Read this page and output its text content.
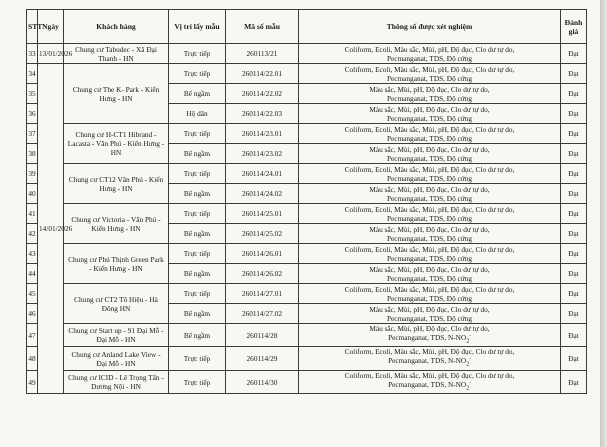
STT	Ngày	Khách hàng	Vị trí lấy mẫu	Mã số mẫu	Thông số được xét nghiệm	Đánh giá
33	13/01/2026	Chung cư Tabudec - Xã Đại Thanh - HN	Trực tiếp	260113/21	Coliform, Ecoli, Màu sắc, Mùi, pH, Độ đục, Clo dư tự do,
Pecmanganat, TDS, Độ cứng	Đạt
34	14/01/2026	Chung cư The K- Park - Kiến Hưng - HN	Trực tiếp	260114/22.01	Coliform, Ecoli, Màu sắc, Mùi, pH, Độ đục, Clo dư tự do,
Pecmanganat, TDS, Độ cứng	Đạt
35			Bể ngầm	260114/22.02	Màu sắc, Mùi, pH, Độ đục, Clo dư tự do,
Pecmanganat, TDS, Độ cứng	Đạt
36			Hộ dân	260114/22.03	Màu sắc, Mùi, pH, Độ đục, Clo dư tự do,
Pecmanganat, TDS, Độ cứng	Đạt
37		Chung cư H-CT1 Hibrand -Lacasta - Văn Phú - Kiến Hưng - HN	Trực tiếp	260114/23.01	Coliform, Ecoli, Màu sắc, Mùi, pH, Độ đục, Clo dư tự do,
Pecmanganat, TDS, Độ cứng	Đạt
38			Bể ngầm	260114/23.02	Màu sắc, Mùi, pH, Độ đục, Clo dư tự do,
Pecmanganat, TDS, Độ cứng	Đạt
39		Chung cư CT12 Văn Phú - Kiến Hưng - HN	Trực tiếp	260114/24.01	Coliform, Ecoli, Màu sắc, Mùi, pH, Độ đục, Clo dư tự do,
Pecmanganat, TDS, Độ cứng	Đạt
40			Bể ngầm	260114/24.02	Màu sắc, Mùi, pH, Độ đục, Clo dư tự do,
Pecmanganat, TDS, Độ cứng	Đạt
41		Chung cư Victoria - Văn Phú - Kiến Hưng - HN	Trực tiếp	260114/25.01	Coliform, Ecoli, Màu sắc, Mùi, pH, Độ đục, Clo dư tự do,
Pecmanganat, TDS, Độ cứng	Đạt
42			Bể ngầm	260114/25.02	Màu sắc, Mùi, pH, Độ đục, Clo dư tự do,
Pecmanganat, TDS, Độ cứng	Đạt
43		Chung cư Phú Thịnh Green Park - Kiến Hưng - HN	Trực tiếp	260114/26.01	Coliform, Ecoli, Màu sắc, Mùi, pH, Độ đục, Clo dư tự do,
Pecmanganat, TDS, Độ cứng	Đạt
44			Bể ngầm	260114/26.02	Màu sắc, Mùi, pH, Độ đục, Clo dư tự do,
Pecmanganat, TDS, Độ cứng	Đạt
45		Chung cư CT2 Tô Hiệu - Hà Đông HN	Trực tiếp	260114/27.01	Coliform, Ecoli, Màu sắc, Mùi, pH, Độ đục, Clo dư tự do,
Pecmanganat, TDS, Độ cứng	Đạt
46			Bể ngầm	260114/27.02	Màu sắc, Mùi, pH, Độ đục, Clo dư tự do,
Pecmanganat, TDS, Độ cứng	Đạt
47		Chung cư Start up - 91 Đại Mỗ - Đại Mỗ - HN	Bể ngầm	260114/28	Màu sắc, Mùi, pH, Độ đục, Clo dư tự do,
Pecmanganat, TDS, $N-NO_2^-$	Đạt
48		Chung cư Anland Lake View - Đại Mỗ - HN	Trực tiếp	260114/29	Coliform, Ecoli, Màu sắc, Mùi, pH, Độ đục, Clo dư tự do,
Pecmanganat, TDS, $N-NO_2^-$	Đạt
49		Chung cư ICID - Lê Trọng Tấn - Dương Nội - HN	Trực tiếp	260114/30	Coliform, Ecoli, Màu sắc, Mùi, pH, Độ đục, Clo dư tự do,
Pecmanganat, TDS, $N-NO_2^-$	Đạt
